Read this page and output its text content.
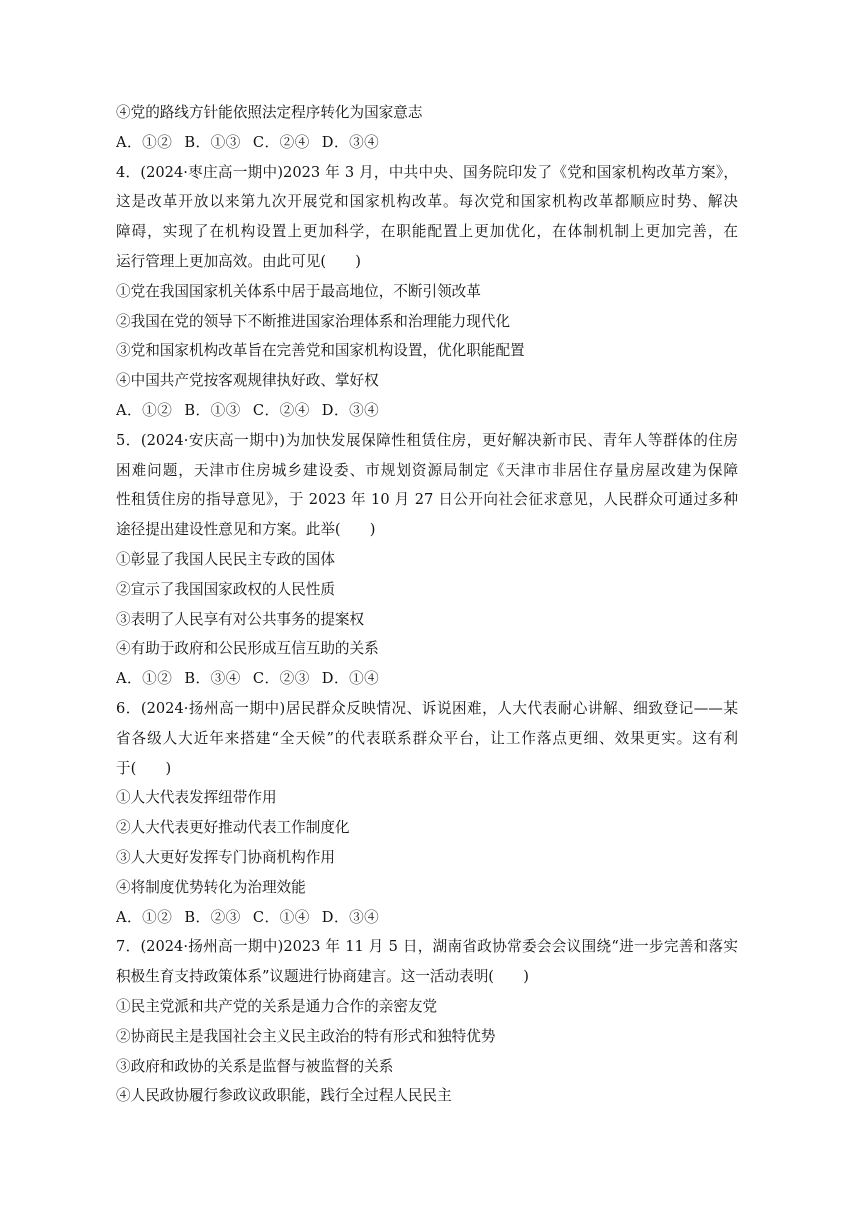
④党的路线方针能依照法定程序转化为国家意志
A．①② B．①③ C．②④ D．③④
4．(2024·枣庄高一期中)2023 年 3 月，中共中央、国务院印发了《党和国家机构改革方案》，
这是改革开放以来第九次开展党和国家机构改革。每次党和国家机构改革都顺应时势、解决
障碍，实现了在机构设置上更加科学，在职能配置上更加优化，在体制机制上更加完善，在
运行管理上更加高效。由此可见(　　)
①党在我国国家机关体系中居于最高地位，不断引领改革
②我国在党的领导下不断推进国家治理体系和治理能力现代化
③党和国家机构改革旨在完善党和国家机构设置，优化职能配置
④中国共产党按客观规律执好政、掌好权
A．①② B．①③ C．②④ D．③④
5．(2024·安庆高一期中)为加快发展保障性租赁住房，更好解决新市民、青年人等群体的住房
困难问题，天津市住房城乡建设委、市规划资源局制定《天津市非居住存量房屋改建为保障
性租赁住房的指导意见》，于 2023 年 10 月 27 日公开向社会征求意见，人民群众可通过多种
途径提出建设性意见和方案。此举(　　)
①彰显了我国人民民主专政的国体
②宣示了我国国家政权的人民性质
③表明了人民享有对公共事务的提案权
④有助于政府和公民形成互信互助的关系
A．①② B．③④ C．②③ D．①④
6．(2024·扬州高一期中)居民群众反映情况、诉说困难，人大代表耐心讲解、细致登记——某
省各级人大近年来搭建“全天候”的代表联系群众平台，让工作落点更细、效果更实。这有利
于(　　)
①人大代表发挥纽带作用
②人大代表更好推动代表工作制度化
③人大更好发挥专门协商机构作用
④将制度优势转化为治理效能
A．①② B．②③ C．①④ D．③④
7．(2024·扬州高一期中)2023 年 11 月 5 日，湖南省政协常委会会议围绕“进一步完善和落实
积极生育支持政策体系”议题进行协商建言。这一活动表明(　　)
①民主党派和共产党的关系是通力合作的亲密友党
②协商民主是我国社会主义民主政治的特有形式和独特优势
③政府和政协的关系是监督与被监督的关系
④人民政协履行参政议政职能，践行全过程人民民主
